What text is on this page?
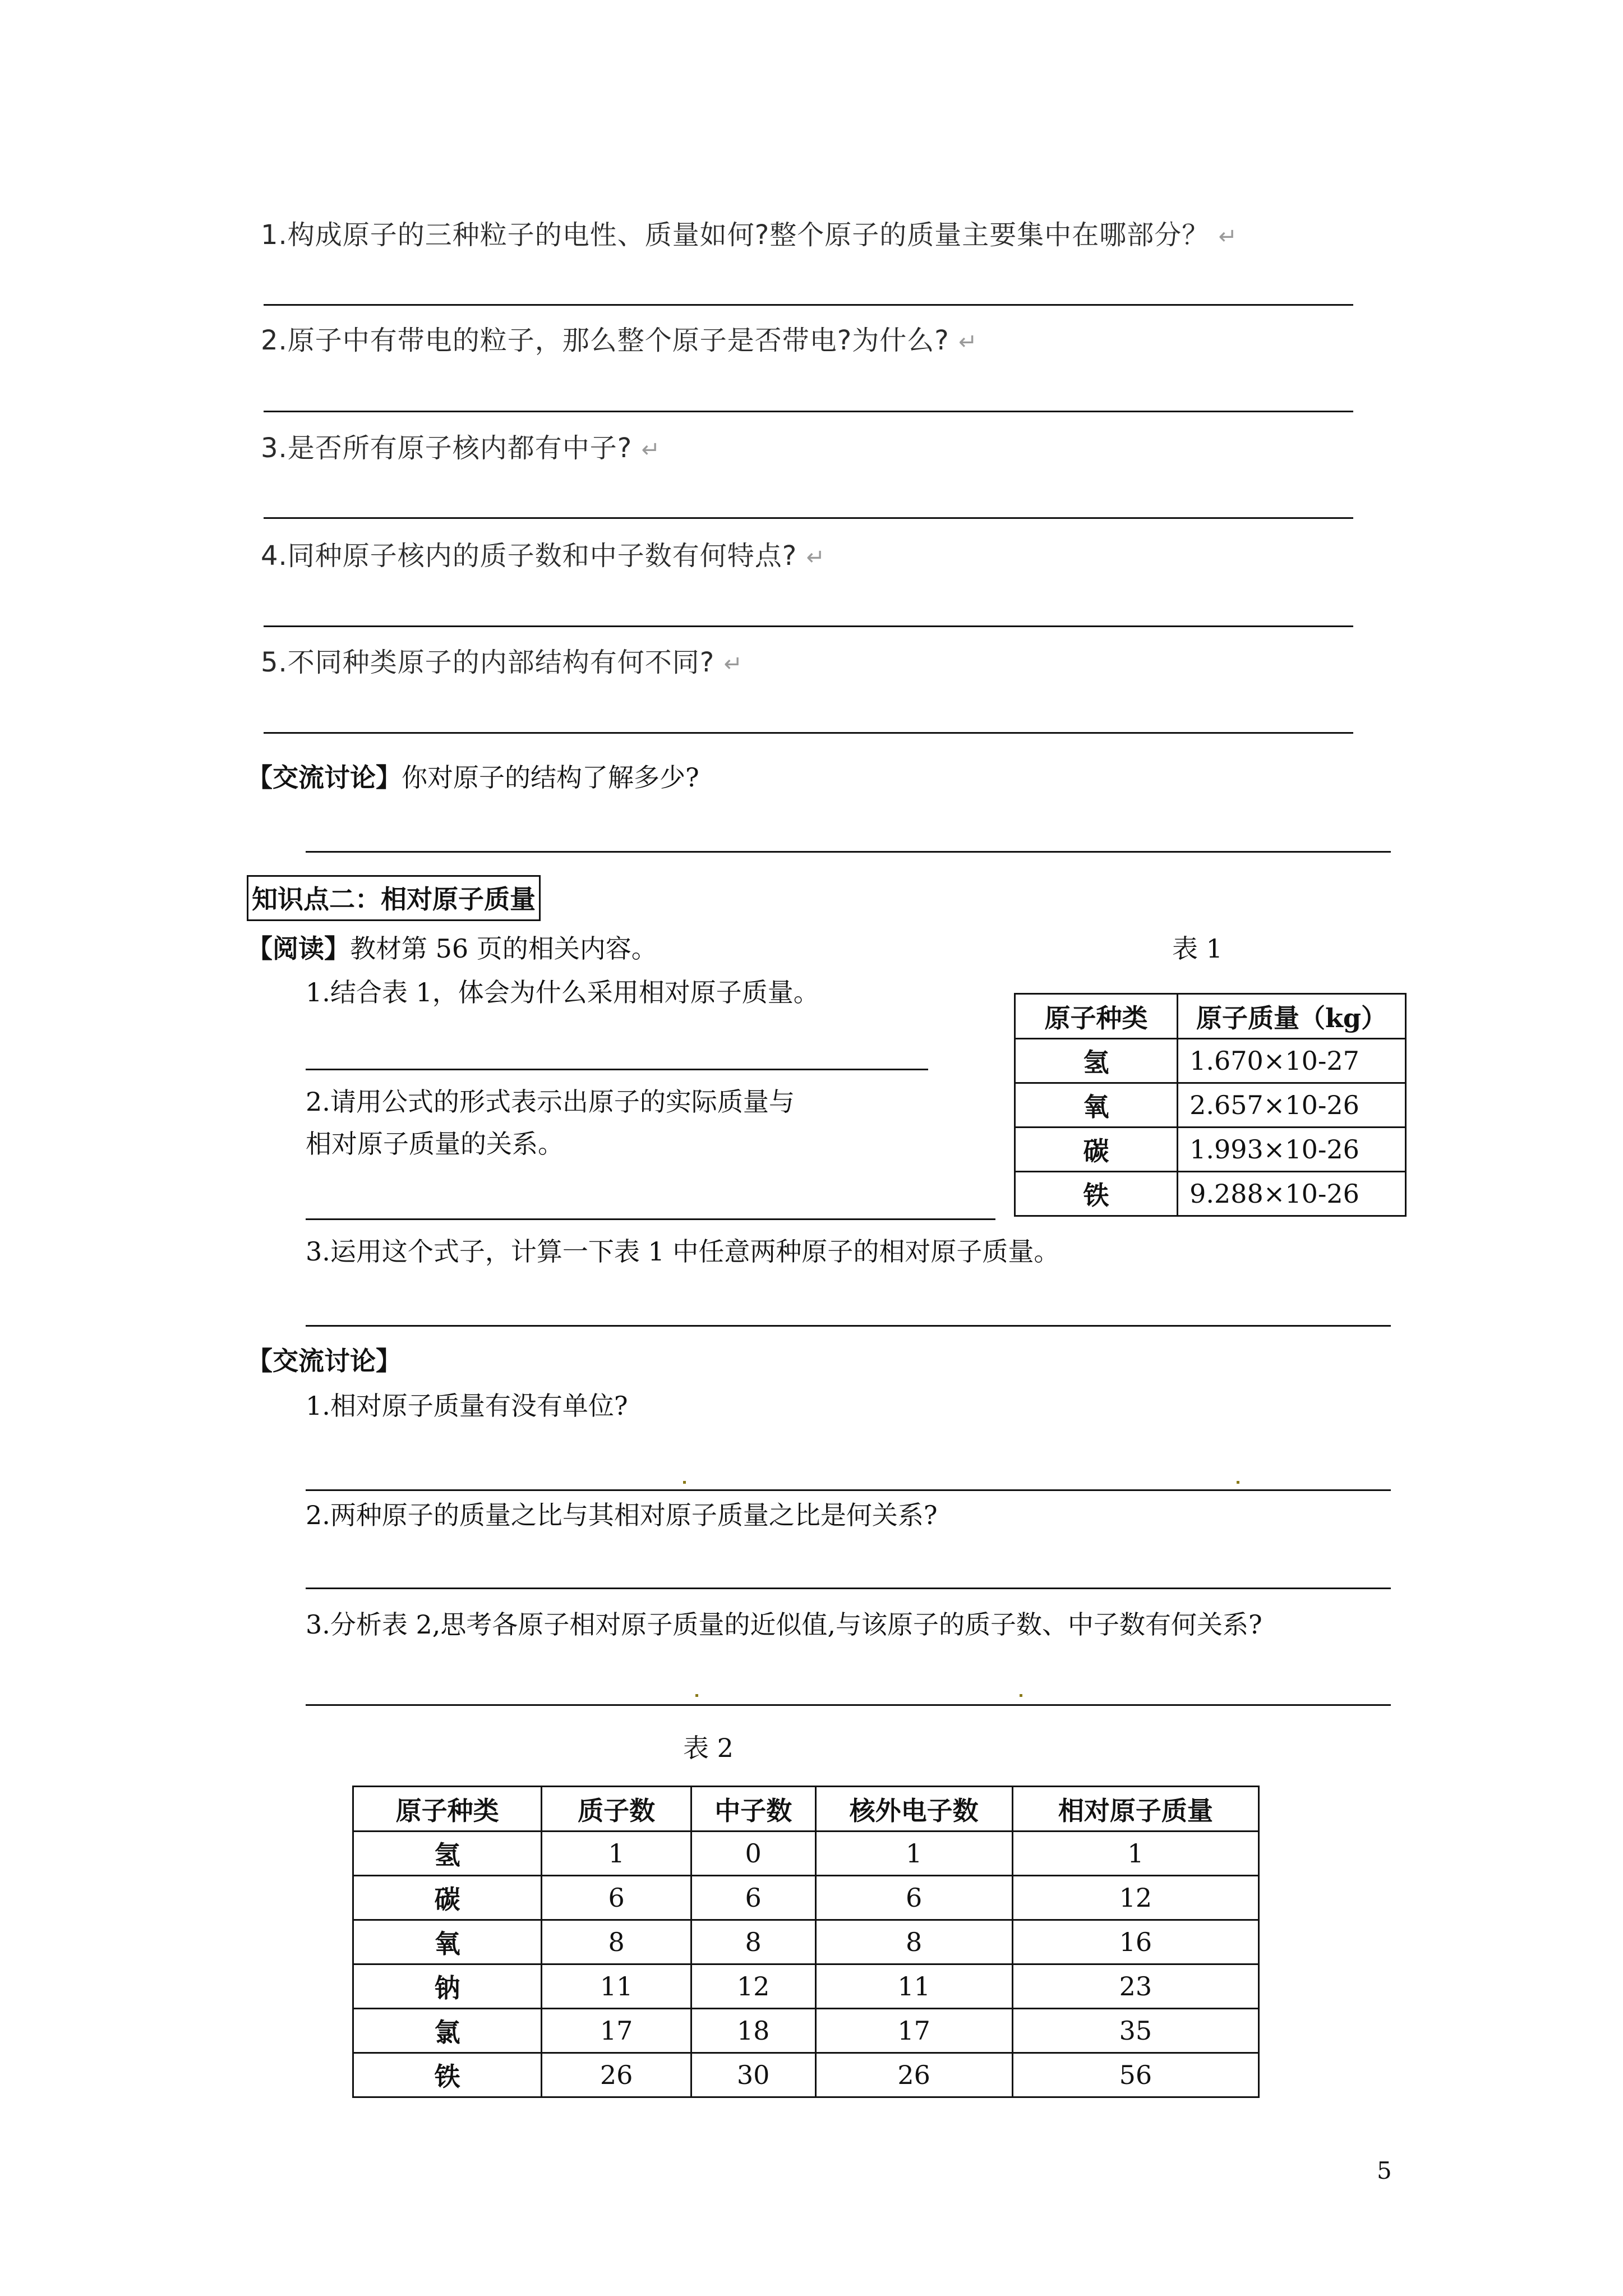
1.构成原子的三种粒子的电性、质量如何?整个原子的质量主要集中在哪部分？ ↵
2.原子中有带电的粒子，那么整个原子是否带电?为什么? ↵
3.是否所有原子核内都有中子? ↵
4.同种原子核内的质子数和中子数有何特点? ↵
5.不同种类原子的内部结构有何不同? ↵
【交流讨论】你对原子的结构了解多少?
知识点二：相对原子质量
【阅读】教材第 56 页的相关内容。	表 1
1.结合表 1，体会为什么采用相对原子质量。
2.请用公式的形式表示出原子的实际质量与
相对原子质量的关系。
3.运用这个式子，计算一下表 1 中任意两种原子的相对原子质量。
原子种类	原子质量（kg）
氢	1.670×10-27
氧	2.657×10-26
碳	1.993×10-26
铁	9.288×10-26
【交流讨论】
1.相对原子质量有没有单位?
2.两种原子的质量之比与其相对原子质量之比是何关系?
3.分析表 2,思考各原子相对原子质量的近似值,与该原子的质子数、中子数有何关系?
表 2
原子种类	质子数	中子数	核外电子数	相对原子质量
氢	1	0	1	1
碳	6	6	6	12
氧	8	8	8	16
钠	11	12	11	23
氯	17	18	17	35
铁	26	30	26	56
5
